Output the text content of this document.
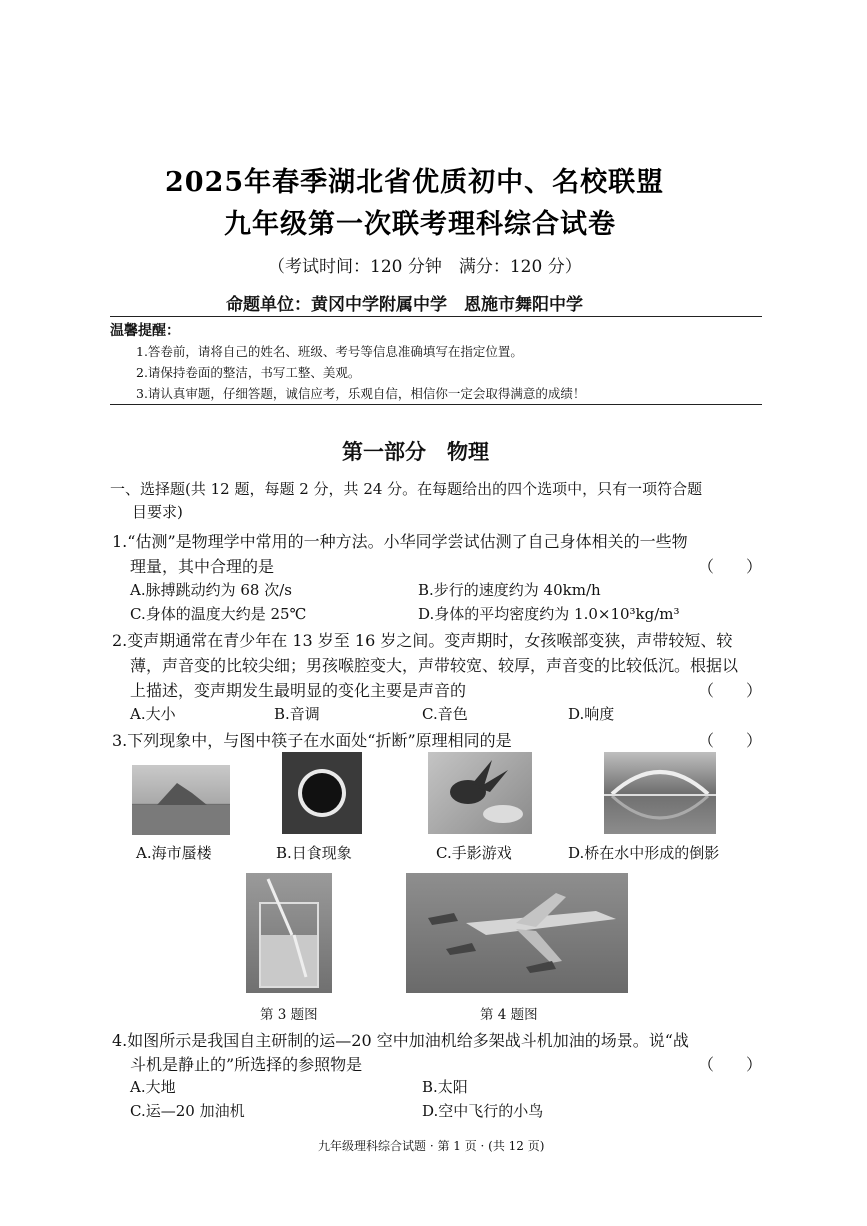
2025年春季湖北省优质初中、名校联盟
九年级第一次联考理科综合试卷
（考试时间：120 分钟　满分：120 分）
命题单位：黄冈中学附属中学　恩施市舞阳中学
温馨提醒：
1.答卷前，请将自己的姓名、班级、考号等信息准确填写在指定位置。
2.请保持卷面的整洁，书写工整、美观。
3.请认真审题，仔细答题，诚信应考，乐观自信，相信你一定会取得满意的成绩！
第一部分　物理
一、选择题(共 12 题，每题 2 分，共 24 分。在每题给出的四个选项中，只有一项符合题
目要求)
1.“估测”是物理学中常用的一种方法。小华同学尝试估测了自己身体相关的一些物
理量，其中合理的是	（　　）
A.脉搏跳动约为 68 次/s	B.步行的速度约为 40km/h
C.身体的温度大约是 25℃	D.身体的平均密度约为 1.0×10³kg/m³
2.变声期通常在青少年在 13 岁至 16 岁之间。变声期时，女孩喉部变狭，声带较短、较
薄，声音变的比较尖细；男孩喉腔变大，声带较宽、较厚，声音变的比较低沉。根据以
上描述，变声期发生最明显的变化主要是声音的	（　　）
A.大小	B.音调	C.音色	D.响度
3.下列现象中，与图中筷子在水面处“折断”原理相同的是	（　　）
A.海市蜃楼	B.日食现象	C.手影游戏	D.桥在水中形成的倒影
第 3 题图	第 4 题图
4.如图所示是我国自主研制的运—20 空中加油机给多架战斗机加油的场景。说“战
斗机是静止的”所选择的参照物是	（　　）
A.大地	B.太阳
C.运—20 加油机	D.空中飞行的小鸟
九年级理科综合试题 · 第 1 页 · (共 12 页)
